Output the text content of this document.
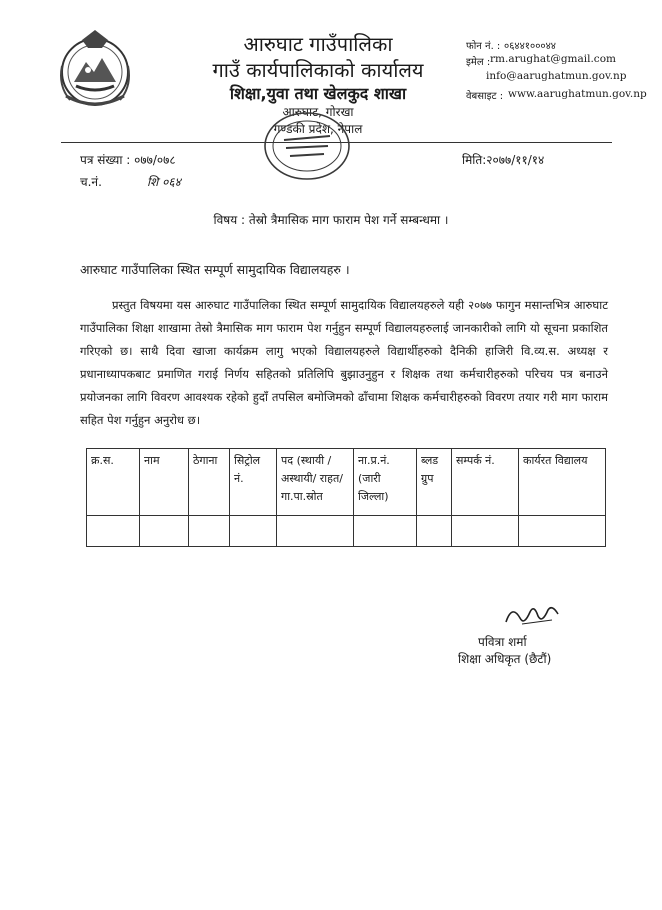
आरुघाट गाउँपालिका
गाउँ कार्यपालिकाको कार्यालय
शिक्षा,युवा तथा खेलकुद शाखा
आरुघाट, गोरखा
गण्डकी प्रदेश, नेपाल
फोन नं. : ०६४४१०००४४
इमेल : rm.arughat@gmail.com
info@aarughatmun.gov.np
वेबसाइट : www.aarughatmun.gov.np
पत्र संख्या : ०७७/०७८
च.नं.	शि ०६४
मिति:२०७७/११/१४
विषय : तेस्रो त्रैमासिक माग फाराम पेश गर्ने सम्बन्धमा ।
आरुघाट गाउँपालिका स्थित सम्पूर्ण सामुदायिक विद्यालयहरु ।
प्रस्तुत विषयमा यस आरुघाट गाउँपालिका स्थित सम्पूर्ण सामुदायिक विद्यालयहरुले यही २०७७ फागुन मसान्तभित्र आरुघाट गाउँपालिका शिक्षा शाखामा तेस्रो त्रैमासिक माग फाराम पेश गर्नुहुन सम्पूर्ण विद्यालयहरुलाई जानकारीको लागि यो सूचना प्रकाशित गरिएको छ। साथै दिवा खाजा कार्यक्रम लागु भएको विद्यालयहरुले विद्यार्थीहरुको दैनिकी हाजिरी वि.व्य.स. अध्यक्ष र प्रधानाध्यापकबाट प्रमाणित गराई निर्णय सहितको प्रतिलिपि बुझाउनुहुन र शिक्षक तथा कर्मचारीहरुको परिचय पत्र बनाउने प्रयोजनका लागि विवरण आवश्यक रहेको हुदाँ तपसिल बमोजिमको ढाँचामा शिक्षक कर्मचारीहरुको विवरण तयार गरी माग फाराम सहित पेश गर्नुहुन अनुरोध छ।
क्र.स.	नाम	ठेगाना	सिट्रोल नं.	पद (स्थायी /अस्थायी/ राहत/गा.पा.स्रोत	ना.प्र.नं.(जारी जिल्ला)	ब्लड ग्रुप	सम्पर्क नं.	कार्यरत विद्यालय

पवित्रा शर्मा
शिक्षा अधिकृत (छैटौं)
